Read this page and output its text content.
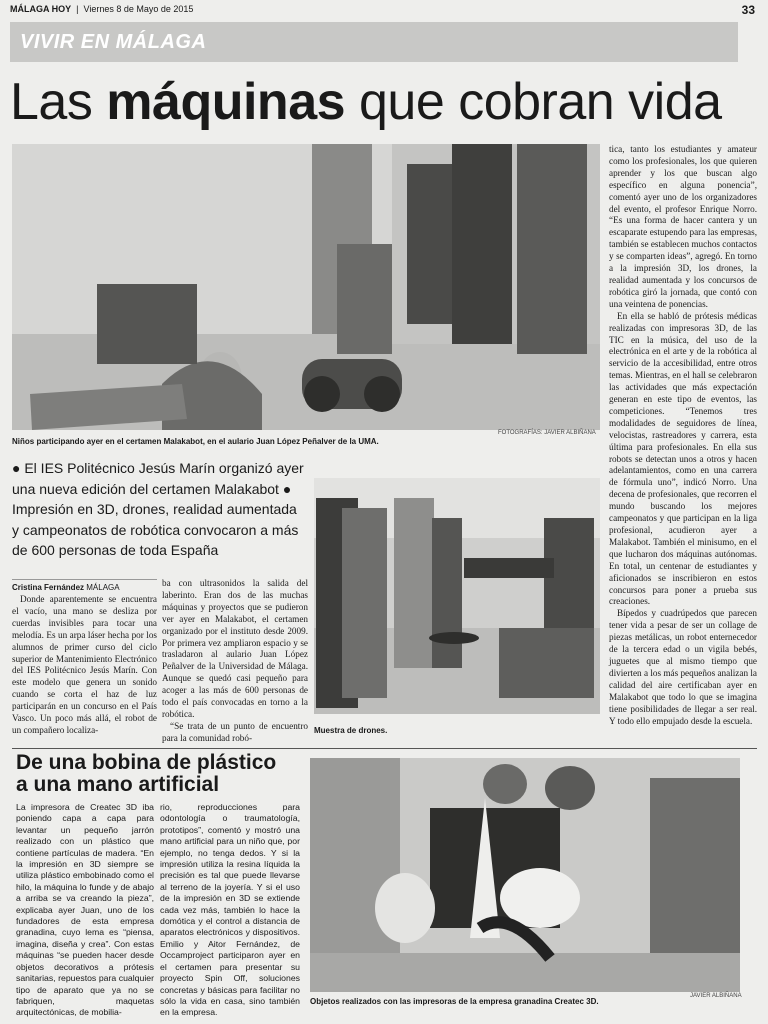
MÁLAGA HOY  |  Viernes 8 de Mayo de 2015	33
VIVIR EN MÁLAGA
Las máquinas que cobran vida
Niños participando ayer en el certamen Malakabot, en el aulario Juan López Peñalver de la UMA.
FOTOGRAFÍAS: JAVIER ALBIÑANA
● El IES Politécnico Jesús Marín organizó ayer una nueva edición del certamen Malakabot ● Impresión en 3D, drones, realidad aumentada y campeonatos de robótica convocaron a más de 600 personas de toda España
Cristina Fernández MÁLAGA

Donde aparentemente se encuentra el vacío, una mano se desliza por cuerdas invisibles para tocar una melodía. Es un arpa láser hecha por los alumnos de primer curso del ciclo superior de Mantenimiento Electrónico del IES Politécnico Jesús Marín. Con este modelo que genera un sonido cuando se corta el haz de luz participarán en un concurso en el País Vasco. Un poco más allá, el robot de un compañero localiza-

ba con ultrasonidos la salida del laberinto. Eran dos de las muchas máquinas y proyectos que se pudieron ver ayer en Malakabot, el certamen organizado por el instituto desde 2009. Por primera vez ampliaron espacio y se trasladaron al aulario Juan López Peñalver de la Universidad de Málaga. Aunque se quedó casi pequeño para acoger a las más de 600 personas de todo el país convocadas en torno a la robótica.

“Se trata de un punto de encuentro para la comunidad robó-

Muestra de drones.

tica, tanto los estudiantes y amateur como los profesionales, los que quieren aprender y los que buscan algo específico en alguna ponencia”, comentó ayer uno de los organizadores del evento, el profesor Enrique Norro. “Es una forma de hacer cantera y un escaparate estupendo para las empresas, también se establecen muchos contactos y se comparten ideas”, agregó. En torno a la impresión 3D, los drones, la realidad aumentada y los concursos de robótica giró la jornada, que contó con una veintena de ponencias.

En ella se habló de prótesis médicas realizadas con impresoras 3D, de las TIC en la música, del uso de la electrónica en el arte y de la robótica al servicio de la accesibilidad, entre otros temas. Mientras, en el hall se celebraron las actividades que más expectación generan en este tipo de eventos, las competiciones. “Tenemos tres modalidades de seguidores de línea, velocistas, rastreadores y carrera, esta última para profesionales. En ella sus robots se detectan unos a otros y hacen adelantamientos, como en una carrera de fórmula uno”, indicó Norro. Una decena de profesionales, que recorren el mundo buscando los mejores campeonatos y que participan en la liga profesional, acudieron ayer a Malakabot. También el minisumo, en el que lucharon dos máquinas autónomas. En total, un centenar de estudiantes y aficionados se inscribieron en estos concursos para poner a prueba sus creaciones.

Bípedos y cuadrúpedos que parecen tener vida a pesar de ser un collage de piezas metálicas, un robot enternecedor de la tercera edad o un vigila bebés, juguetes que al mismo tiempo que divierten a los más pequeños analizan la calidad del aire certificaban ayer en Malakabot que todo lo que se imagina tiene posibilidades de llegar a ser real. Y todo ello empujado desde la escuela.

De una bobina de plástico a una mano artificial

La impresora de Createc 3D iba poniendo capa a capa para levantar un pequeño jarrón realizado con un plástico que contiene partículas de madera. “En la impresión en 3D siempre se utiliza plástico embobinado como el hilo, la máquina lo funde y de abajo a arriba se va creando la pieza”, explicaba ayer Juan, uno de los fundadores de esta empresa granadina, cuyo lema es “piensa, imagina, diseña y crea”. Con estas máquinas “se pueden hacer desde objetos decorativos a prótesis sanitarias, repuestos para cualquier tipo de aparato que ya no se fabriquen, maquetas arquitectónicas, de mobilia-

rio, reproducciones para odontología o traumatología, prototipos”, comentó y mostró una mano artificial para un niño que, por ejemplo, no tenga dedos. Y si la impresión utiliza la resina líquida la precisión es tal que puede llevarse al terreno de la joyería. Y si el uso de la impresión en 3D se extiende cada vez más, también lo hace la domótica y el control a distancia de aparatos electrónicos y dispositivos. Emilio y Aitor Fernández, de Occamproject participaron ayer en el certamen para presentar su proyecto Spin Off, soluciones concretas y básicas para facilitar no sólo la vida en casa, sino también en la empresa.

Objetos realizados con las impresoras de la empresa granadina Createc 3D.
JAVIER ALBIÑANA
